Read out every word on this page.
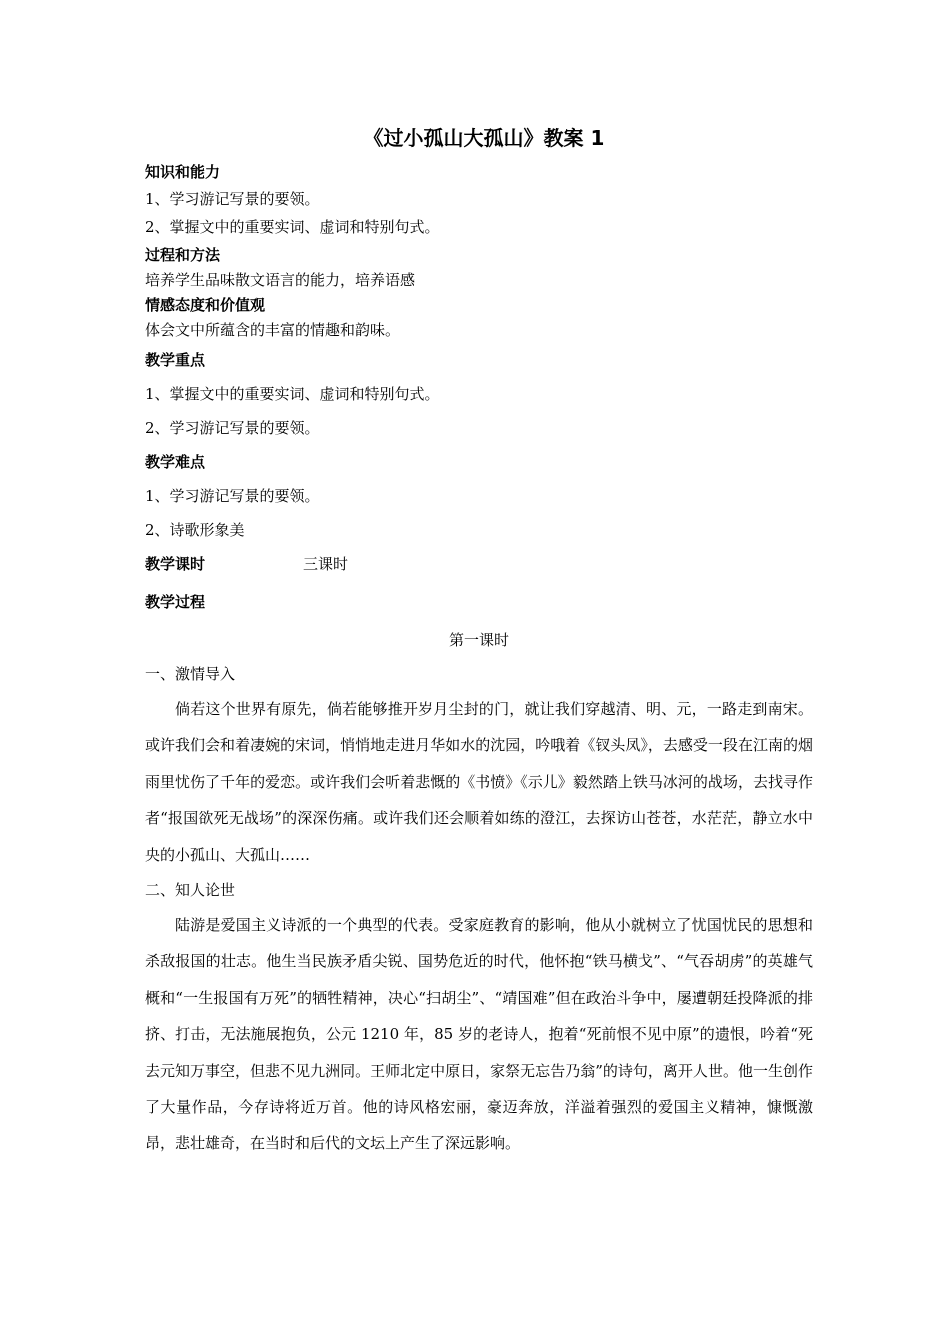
《过小孤山大孤山》教案 1
知识和能力
1、学习游记写景的要领。
2、掌握文中的重要实词、虚词和特别句式。
过程和方法
培养学生品味散文语言的能力，培养语感
情感态度和价值观
体会文中所蕴含的丰富的情趣和韵味。
教学重点
1、掌握文中的重要实词、虚词和特别句式。
2、学习游记写景的要领。
教学难点
1、学习游记写景的要领。
2、诗歌形象美
教学课时	三课时
教学过程
第一课时
一、激情导入

倘若这个世界有原先，倘若能够推开岁月尘封的门，就让我们穿越清、明、元，一路走到南宋。或许我们会和着凄婉的宋词，悄悄地走进月华如水的沈园，吟哦着《钗头凤》，去感受一段在江南的烟雨里忧伤了千年的爱恋。或许我们会听着悲慨的《书愤》《示儿》毅然踏上铁马冰河的战场，去找寻作者“报国欲死无战场”的深深伤痛。或许我们还会顺着如练的澄江，去探访山苍苍，水茫茫，静立水中央的小孤山、大孤山……

二、知人论世

陆游是爱国主义诗派的一个典型的代表。受家庭教育的影响，他从小就树立了忧国忧民的思想和杀敌报国的壮志。他生当民族矛盾尖锐、国势危近的时代，他怀抱“铁马横戈”、“气吞胡虏”的英雄气概和“一生报国有万死”的牺牲精神，决心“扫胡尘”、“靖国难”但在政治斗争中，屡遭朝廷投降派的排挤、打击，无法施展抱负，公元 1210 年，85 岁的老诗人，抱着“死前恨不见中原”的遗恨，吟着“死去元知万事空，但悲不见九洲同。王师北定中原日，家祭无忘告乃翁”的诗句，离开人世。他一生创作了大量作品，今存诗将近万首。他的诗风格宏丽，豪迈奔放，洋溢着强烈的爱国主义精神，慷慨激昂，悲壮雄奇，在当时和后代的文坛上产生了深远影响。
